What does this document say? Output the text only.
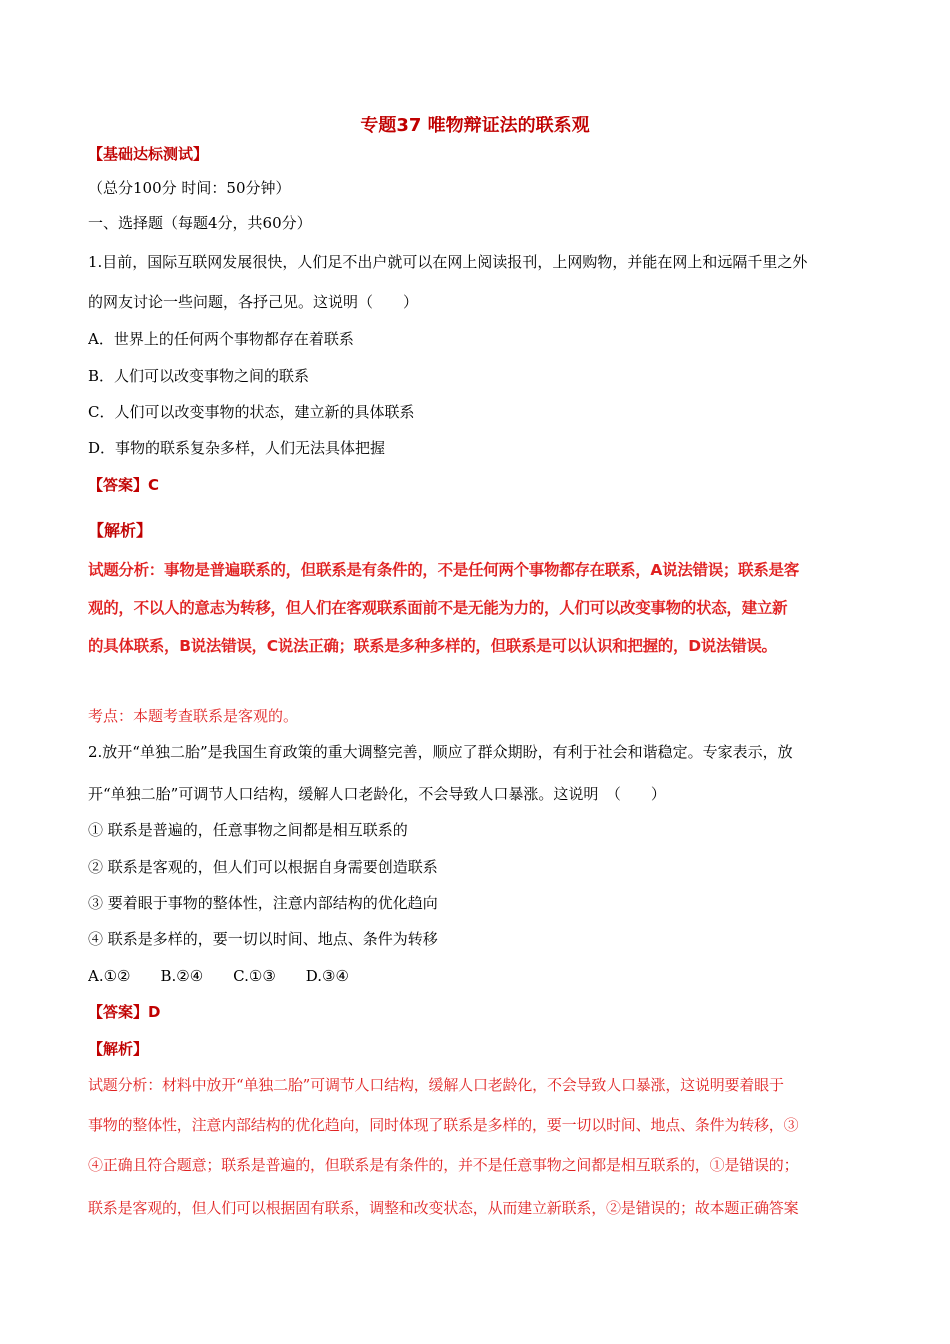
专题37 唯物辩证法的联系观
【基础达标测试】
（总分100分 时间：50分钟）
一、选择题（每题4分，共60分）
1.目前，国际互联网发展很快，人们足不出户就可以在网上阅读报刊，上网购物，并能在网上和远隔千里之外
的网友讨论一些问题，各抒己见。这说明（　　）
A．世界上的任何两个事物都存在着联系
B．人们可以改变事物之间的联系
C．人们可以改变事物的状态，建立新的具体联系
D．事物的联系复杂多样，人们无法具体把握
【答案】C
【解析】
试题分析：事物是普遍联系的，但联系是有条件的，不是任何两个事物都存在联系，A说法错误；联系是客
观的，不以人的意志为转移，但人们在客观联系面前不是无能为力的，人们可以改变事物的状态，建立新
的具体联系，B说法错误，C说法正确；联系是多种多样的，但联系是可以认识和把握的，D说法错误。
考点：本题考查联系是客观的。
2.放开“单独二胎”是我国生育政策的重大调整完善，顺应了群众期盼，有利于社会和谐稳定。专家表示，放
开“单独二胎”可调节人口结构，缓解人口老龄化，不会导致人口暴涨。这说明　（　　）
① 联系是普遍的，任意事物之间都是相互联系的
② 联系是客观的，但人们可以根据自身需要创造联系
③ 要着眼于事物的整体性，注意内部结构的优化趋向
④ 联系是多样的，要一切以时间、地点、条件为转移
A.①②　　B.②④　　C.①③　　D.③④
【答案】D
【解析】
试题分析：材料中放开“单独二胎”可调节人口结构，缓解人口老龄化，不会导致人口暴涨，这说明要着眼于
事物的整体性，注意内部结构的优化趋向，同时体现了联系是多样的，要一切以时间、地点、条件为转移，③
④正确且符合题意；联系是普遍的，但联系是有条件的，并不是任意事物之间都是相互联系的，①是错误的；
联系是客观的，但人们可以根据固有联系，调整和改变状态，从而建立新联系，②是错误的；故本题正确答案
